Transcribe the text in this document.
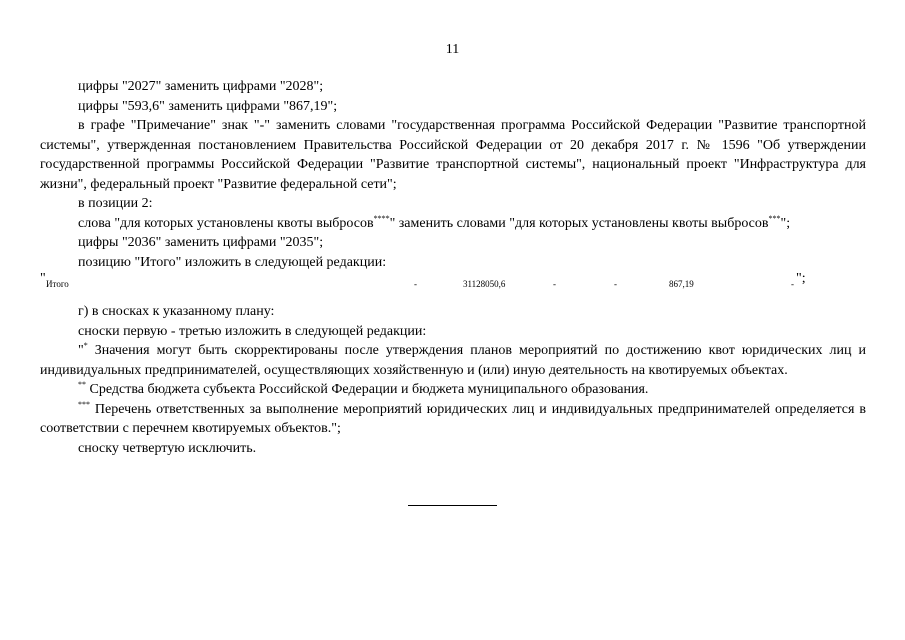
11

цифры "2027" заменить цифрами "2028";

цифры "593,6" заменить цифрами "867,19";

в графе "Примечание" знак "-" заменить словами "государственная программа Российской Федерации "Развитие транспортной системы", утвержденная постановлением Правительства Российской Федерации от 20 декабря 2017 г. № 1596 "Об утверждении государственной программы Российской Федерации "Развитие транспортной системы", национальный проект "Инфраструктура для жизни", федеральный проект "Развитие федеральной сети";

в позиции 2:

слова "для которых установлены квоты выбросов****" заменить словами "для которых установлены квоты выбросов***";

цифры "2036" заменить цифрами "2035";

позицию "Итого" изложить в следующей редакции:

" Итого	-	31128050,6	-	-	867,19	- ";

г) в сносках к указанному плану:

сноски первую - третью изложить в следующей редакции:

"* Значения могут быть скорректированы после утверждения планов мероприятий по достижению квот юридических лиц и индивидуальных предпринимателей, осуществляющих хозяйственную и (или) иную деятельность на квотируемых объектах.

** Средства бюджета субъекта Российской Федерации и бюджета муниципального образования.

*** Перечень ответственных за выполнение мероприятий юридических лиц и индивидуальных предпринимателей определяется в соответствии с перечнем квотируемых объектов.";

сноску четвертую исключить.
